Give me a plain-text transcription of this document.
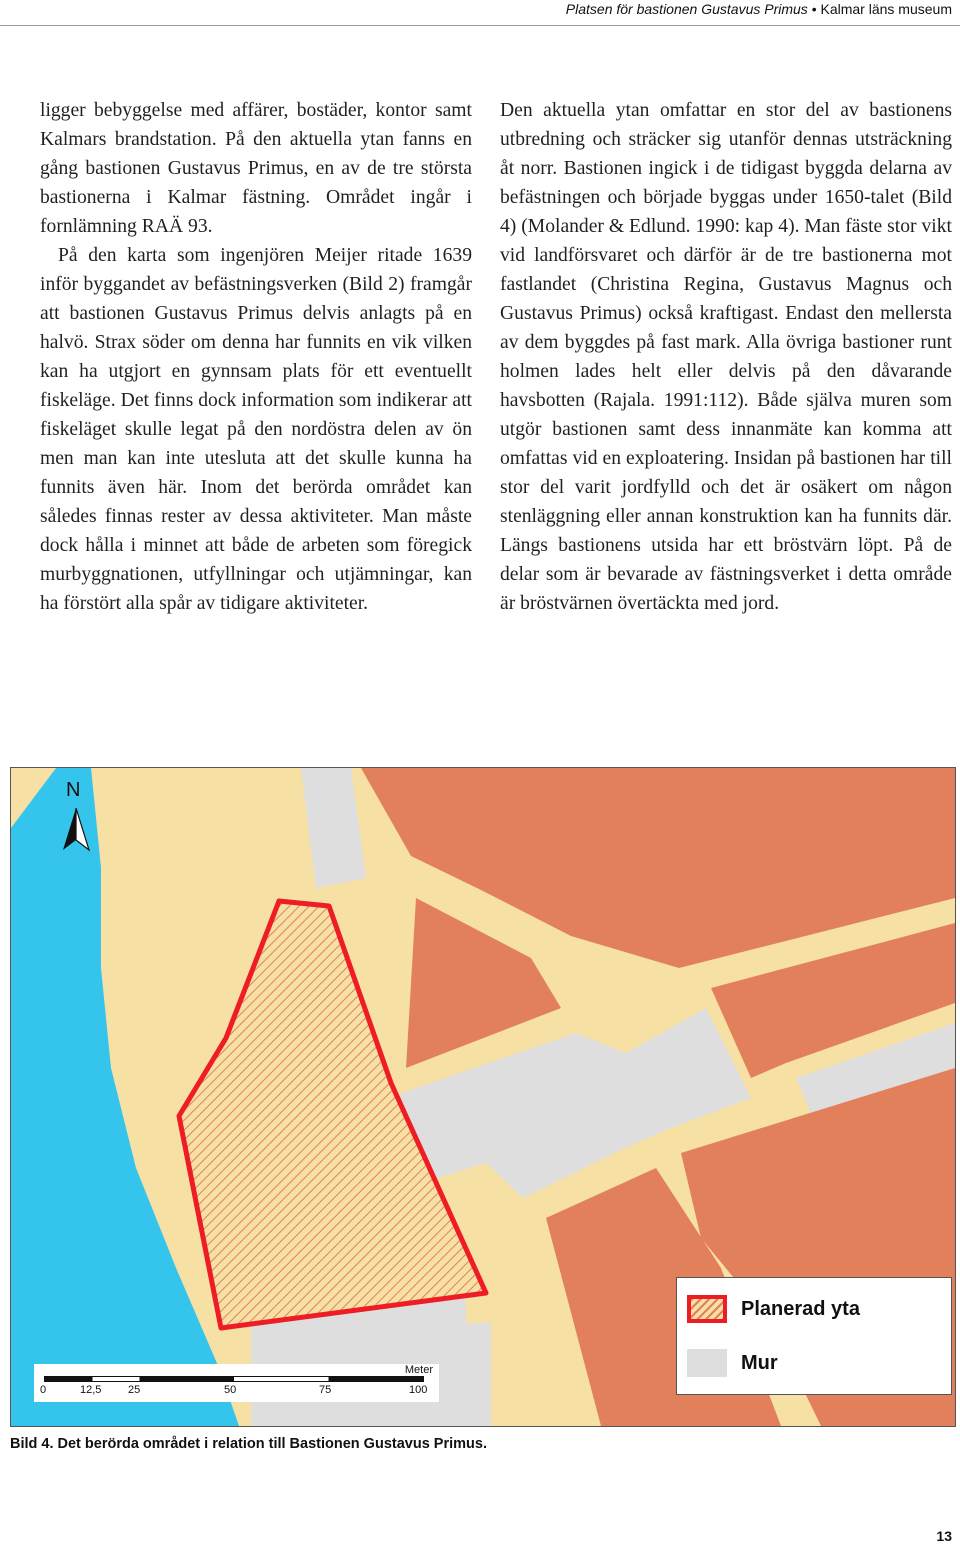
Platsen för bastionen Gustavus Primus • Kalmar läns museum

ligger bebyggelse med affärer, bostäder, kontor samt Kalmars brandstation. På den aktuella ytan fanns en gång bastionen Gustavus Primus, en av de tre största bastionerna i Kalmar fästning. Området ingår i fornlämning RAÄ 93.

På den karta som ingenjören Meijer ritade 1639 inför byggandet av befästningsverken (Bild 2) framgår att bastionen Gustavus Primus delvis anlagts på en halvö. Strax söder om denna har funnits en vik vilken kan ha utgjort en gynnsam plats för ett eventuellt fiskeläge. Det finns dock information som indikerar att fiskeläget skulle legat på den nordöstra delen av ön men man kan inte utesluta att det skulle kunna ha funnits även här. Inom det berörda området kan således finnas rester av dessa aktiviteter. Man måste dock hålla i minnet att både de arbeten som föregick murbyggnationen, utfyllningar och utjämningar, kan ha förstört alla spår av tidigare aktiviteter.

Den aktuella ytan omfattar en stor del av bastionens utbredning och sträcker sig utanför dennas utsträckning åt norr. Bastionen ingick i de tidigast byggda delarna av befästningen och började byggas under 1650-talet (Bild 4) (Molander & Edlund. 1990: kap 4). Man fäste stor vikt vid landförsvaret och därför är de tre bastionerna mot fastlandet (Christina Regina, Gustavus Magnus och Gustavus Primus) också kraftigast. Endast den mellersta av dem byggdes på fast mark. Alla övriga bastioner runt holmen lades helt eller delvis på den dåvarande havsbotten (Rajala. 1991:112). Både själva muren som utgör bastionen samt dess innanmäte kan komma att omfattas vid en exploatering. Insidan på bastionen har till stor del varit jordfylld och det är osäkert om någon stenläggning eller annan konstruktion kan ha funnits där. Längs bastionens utsida har ett bröstvärn löpt. På de delar som är bevarade av fästningsverket i detta område är bröstvärnen övertäckta med jord.

N
Bild 4. Det berörda området i relation till Bastionen Gustavus Primus.
13
Planerad yta
Mur
Meter
0	12,5 25	50	75	100
